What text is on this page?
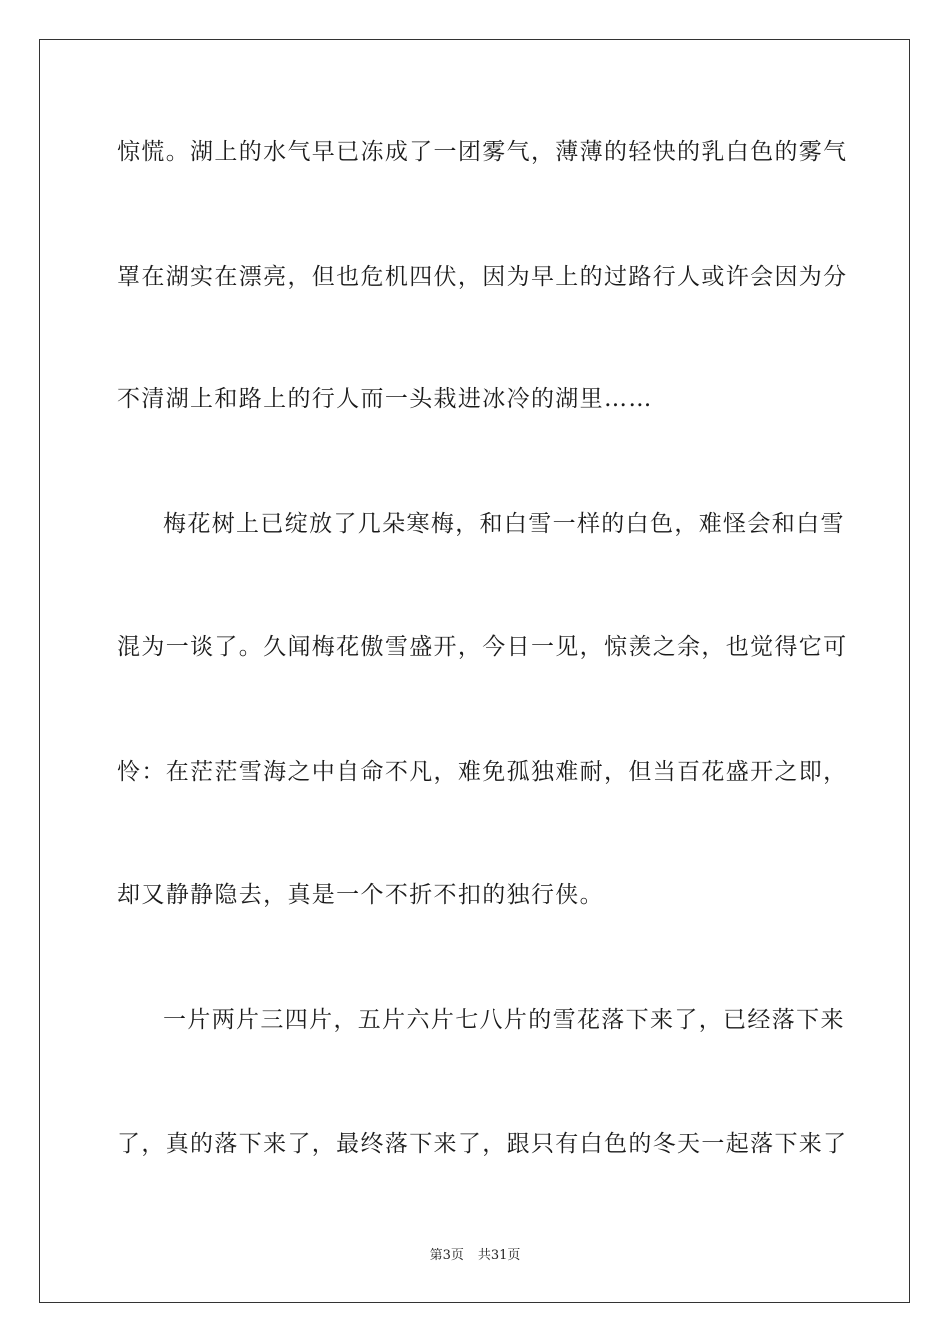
惊慌。湖上的水气早已冻成了一团雾气，薄薄的轻快的乳白色的雾气
罩在湖实在漂亮，但也危机四伏，因为早上的过路行人或许会因为分
不清湖上和路上的行人而一头栽进冰冷的湖里……
梅花树上已绽放了几朵寒梅，和白雪一样的白色，难怪会和白雪
混为一谈了。久闻梅花傲雪盛开，今日一见，惊羡之余，也觉得它可
怜：在茫茫雪海之中自命不凡，难免孤独难耐，但当百花盛开之即，
却又静静隐去，真是一个不折不扣的独行侠。
一片两片三四片，五片六片七八片的雪花落下来了，已经落下来
了，真的落下来了，最终落下来了，跟只有白色的冬天一起落下来了
第3页 共31页
